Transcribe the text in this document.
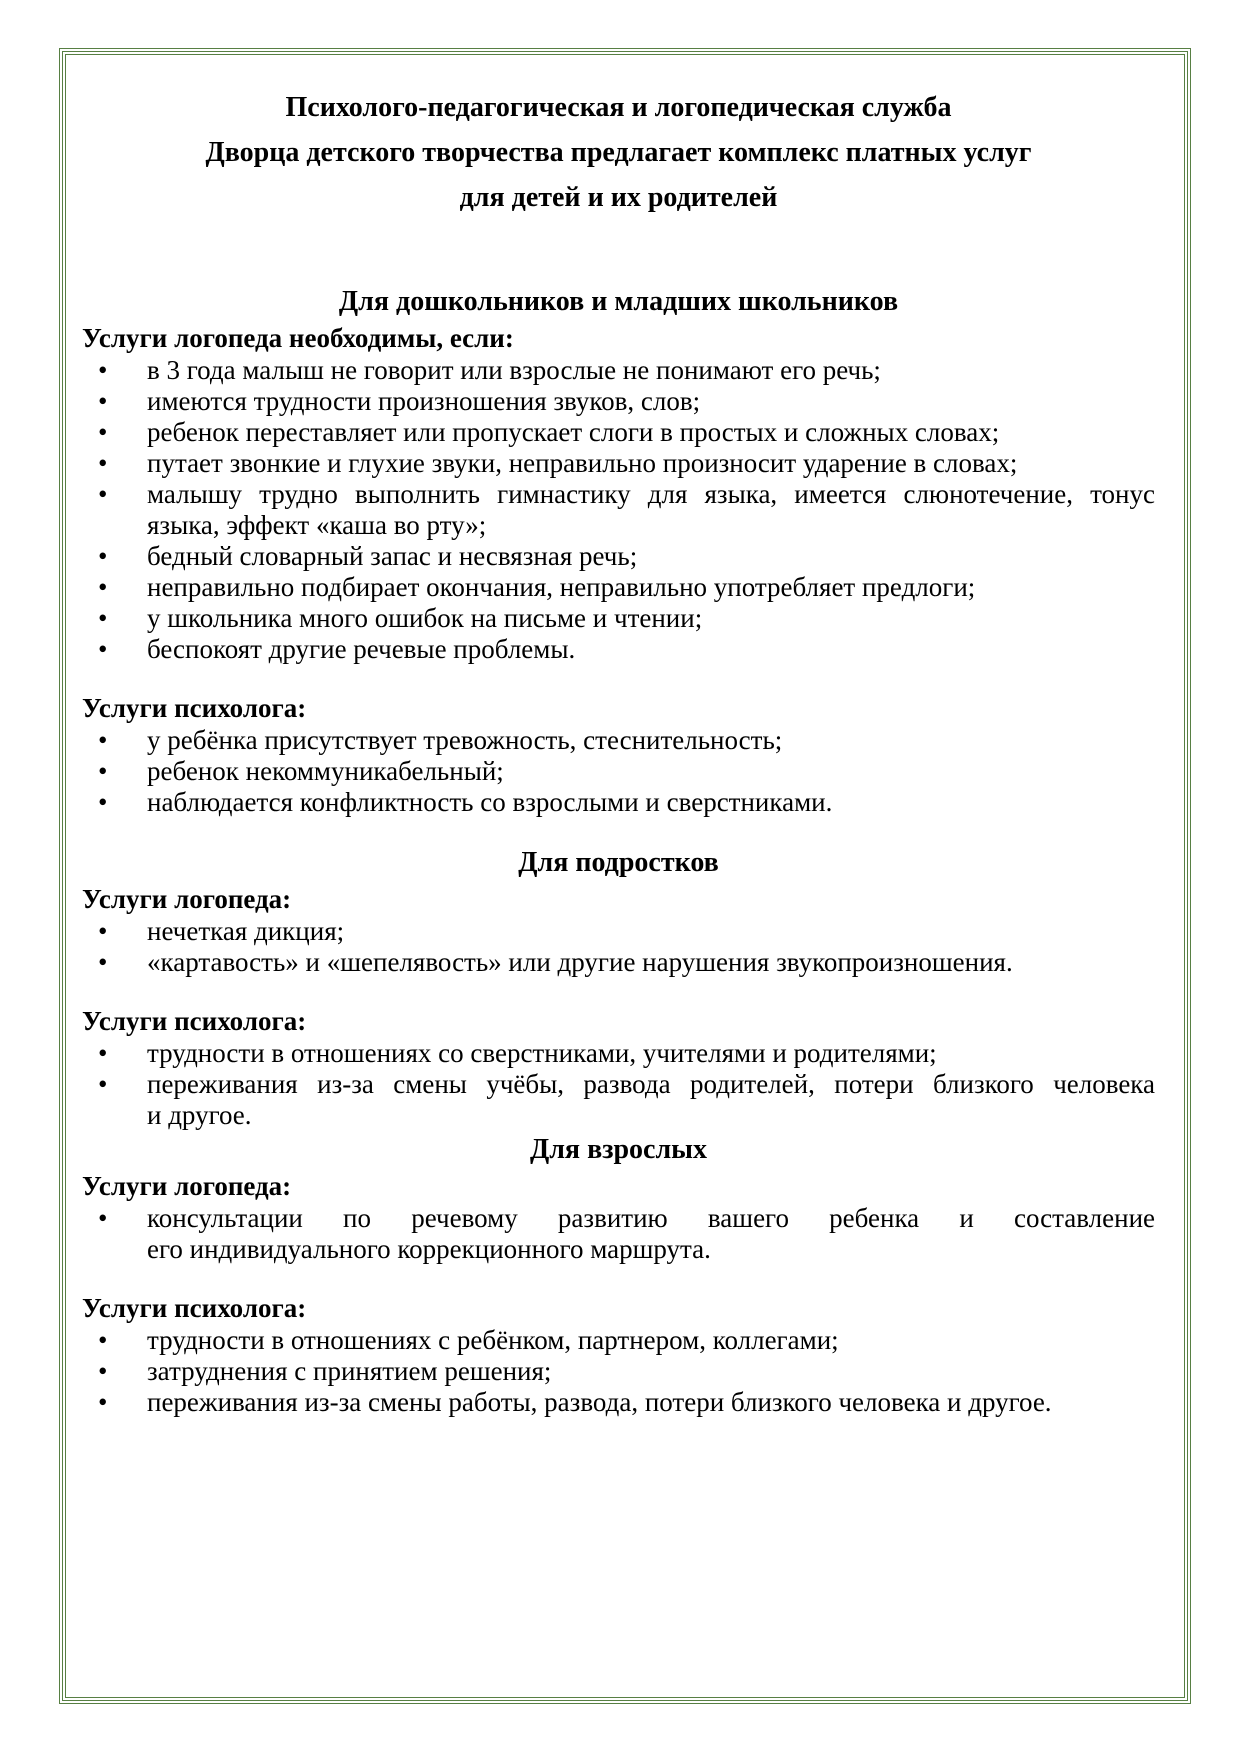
Психолого-педагогическая и логопедическая служба

Дворца детского творчества предлагает комплекс платных услуг

для детей и их родителей

Для дошкольников и младших школьников

Услуги логопеда необходимы, если:

•
в 3 года малыш не говорит или взрослые не понимают его речь;
•
имеются трудности произношения звуков, слов;
•
ребенок переставляет или пропускает слоги в простых и сложных словах;
•
путает звонкие и глухие звуки, неправильно произносит ударение в словах;
•
малышу трудно выполнить гимнастику для языка, имеется слюнотечение, тонус
языка, эффект «каша во рту»;
•
бедный словарный запас и несвязная речь;
•
неправильно подбирает окончания, неправильно употребляет предлоги;
•
у школьника много ошибок на письме и чтении;
•
беспокоят другие речевые проблемы.

Услуги психолога:

•
у ребёнка присутствует тревожность, стеснительность;
•
ребенок некоммуникабельный;
•
наблюдается конфликтность со взрослыми и сверстниками.

Для подростков

Услуги логопеда:

•
нечеткая дикция;
•
«картавость» и «шепелявость» или другие нарушения звукопроизношения.

Услуги психолога:

•
трудности в отношениях со сверстниками, учителями и родителями;
•
переживания из-за смены учёбы, развода родителей, потери близкого человека
и другое.

Для взрослых

Услуги логопеда:

•
консультации по речевому развитию вашего ребенка и составление
его индивидуального коррекционного маршрута.

Услуги психолога:

•
трудности в отношениях с ребёнком, партнером, коллегами;
•
затруднения с принятием решения;
•
переживания из-за смены работы, развода, потери близкого человека и другое.
